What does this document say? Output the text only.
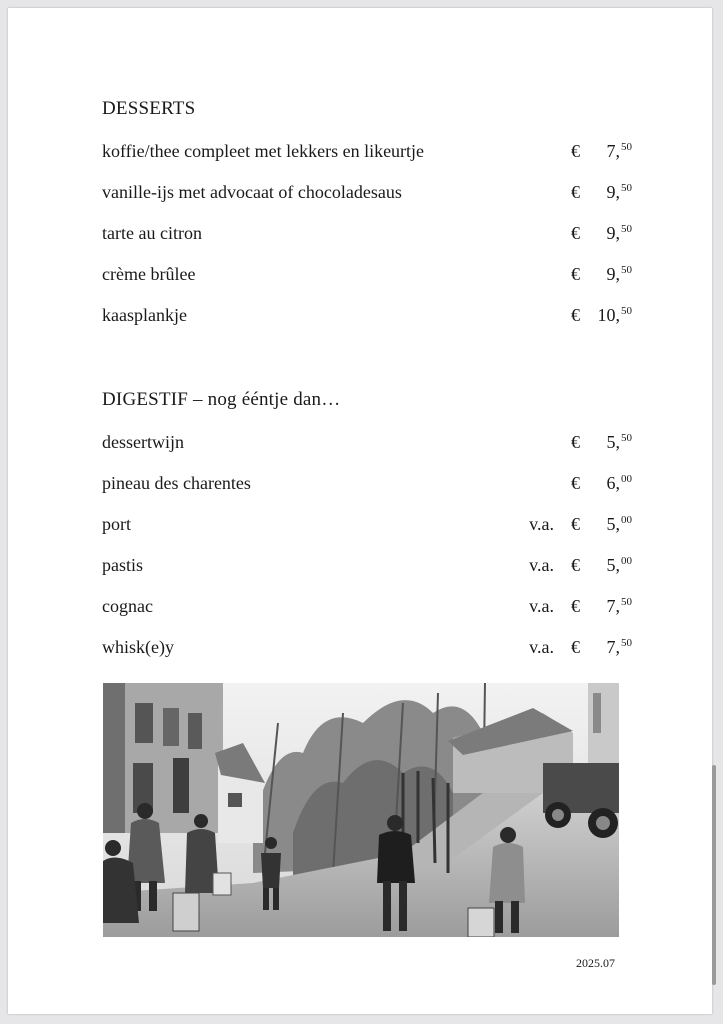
DESSERTS
koffie/thee compleet met lekkers en likeurtje	€ 7,50
vanille-ijs met advocaat of chocoladesaus	€ 9,50
tarte au citron	€ 9,50
crème brûlee	€ 9,50
kaasplankje	€ 10,50
DIGESTIF – nog ééntje dan…
dessertwijn	€ 5,50
pineau des charentes	€ 6,00
port	v.a. € 5,00
pastis	v.a. € 5,00
cognac	v.a. € 7,50
whisk(e)y	v.a. € 7,50
2025.07
